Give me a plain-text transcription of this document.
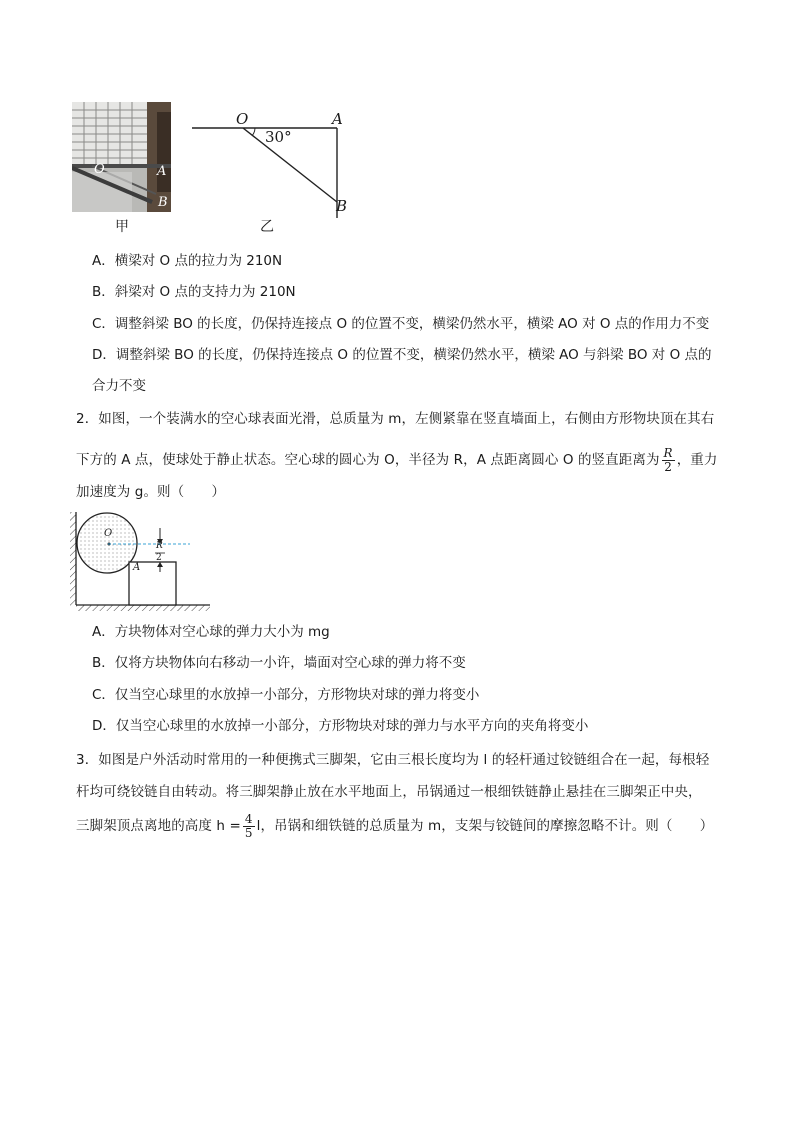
O	A
B
甲
O	A
B
30°
乙
A．横梁对 O 点的拉力为 210N
B．斜梁对 O 点的支持力为 210N
C．调整斜梁 BO 的长度，仍保持连接点 O 的位置不变，横梁仍然水平，横梁 AO 对 O 点的作用力不变
D．调整斜梁 BO 的长度，仍保持连接点 O 的位置不变，横梁仍然水平，横梁 AO 与斜梁 BO 对 O 点的
合力不变
2．如图，一个装满水的空心球表面光滑，总质量为 m，左侧紧靠在竖直墙面上，右侧由方形物块顶在其右
下方的 A 点，使球处于静止状态。空心球的圆心为 O，半径为 R，A 点距离圆心 O 的竖直距离为 $\frac{R}{2}$ ，重力
加速度为 g。则（　　）
O
A
R
2
A．方块物体对空心球的弹力大小为 mg
B．仅将方块物体向右移动一小许，墙面对空心球的弹力将不变
C．仅当空心球里的水放掉一小部分，方形物块对球的弹力将变小
D．仅当空心球里的水放掉一小部分，方形物块对球的弹力与水平方向的夹角将变小
3．如图是户外活动时常用的一种便携式三脚架，它由三根长度均为 l 的轻杆通过铰链组合在一起，每根轻
杆均可绕铰链自由转动。将三脚架静止放在水平地面上，吊锅通过一根细铁链静止悬挂在三脚架正中央，
三脚架顶点离地的高度 $h = \frac{4}{5}$ l，吊锅和细铁链的总质量为 m，支架与铰链间的摩擦忽略不计。则（　　）
